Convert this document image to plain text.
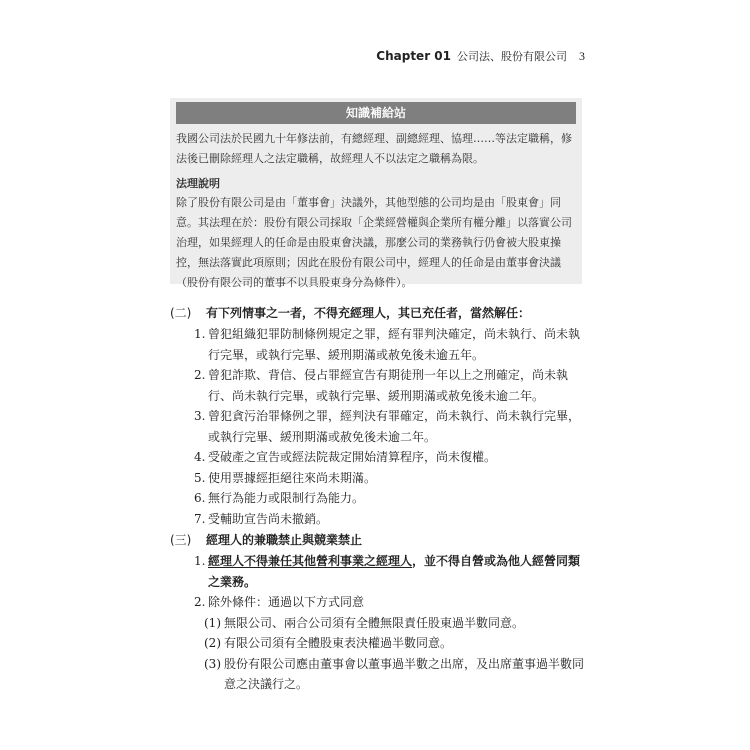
Chapter 01 公司法、股份有限公司 3
知識補給站

我國公司法於民國九十年修法前，有總經理、副總經理、協理……等法定職稱，修法後已刪除經理人之法定職稱，故經理人不以法定之職稱為限。

法理說明

除了股份有限公司是由「董事會」決議外，其他型態的公司均是由「股東會」同意。其法理在於：股份有限公司採取「企業經營權與企業所有權分離」以落實公司治理，如果經理人的任命是由股東會決議，那麼公司的業務執行仍會被大股東操控，無法落實此項原則；因此在股份有限公司中，經理人的任命是由董事會決議（股份有限公司的董事不以具股東身分為條件）。

(二)	有下列情事之一者，不得充經理人，其已充任者，當然解任：
1. 曾犯組織犯罪防制條例規定之罪，經有罪判決確定，尚未執行、尚未執行完畢，或執行完畢、緩刑期滿或赦免後未逾五年。
2. 曾犯詐欺、背信、侵占罪經宣告有期徒刑一年以上之刑確定，尚未執行、尚未執行完畢，或執行完畢、緩刑期滿或赦免後未逾二年。
3. 曾犯貪污治罪條例之罪，經判決有罪確定，尚未執行、尚未執行完畢，或執行完畢、緩刑期滿或赦免後未逾二年。
4. 受破產之宣告或經法院裁定開始清算程序，尚未復權。
5. 使用票據經拒絕往來尚未期滿。
6. 無行為能力或限制行為能力。
7. 受輔助宣告尚未撤銷。
(三)	經理人的兼職禁止與競業禁止
1. 經理人不得兼任其他營利事業之經理人，並不得自營或為他人經營同類之業務。
2. 除外條件：通過以下方式同意
(1) 無限公司、兩合公司須有全體無限責任股東過半數同意。
(2) 有限公司須有全體股東表決權過半數同意。
(3) 股份有限公司應由董事會以董事過半數之出席，及出席董事過半數同意之決議行之。
